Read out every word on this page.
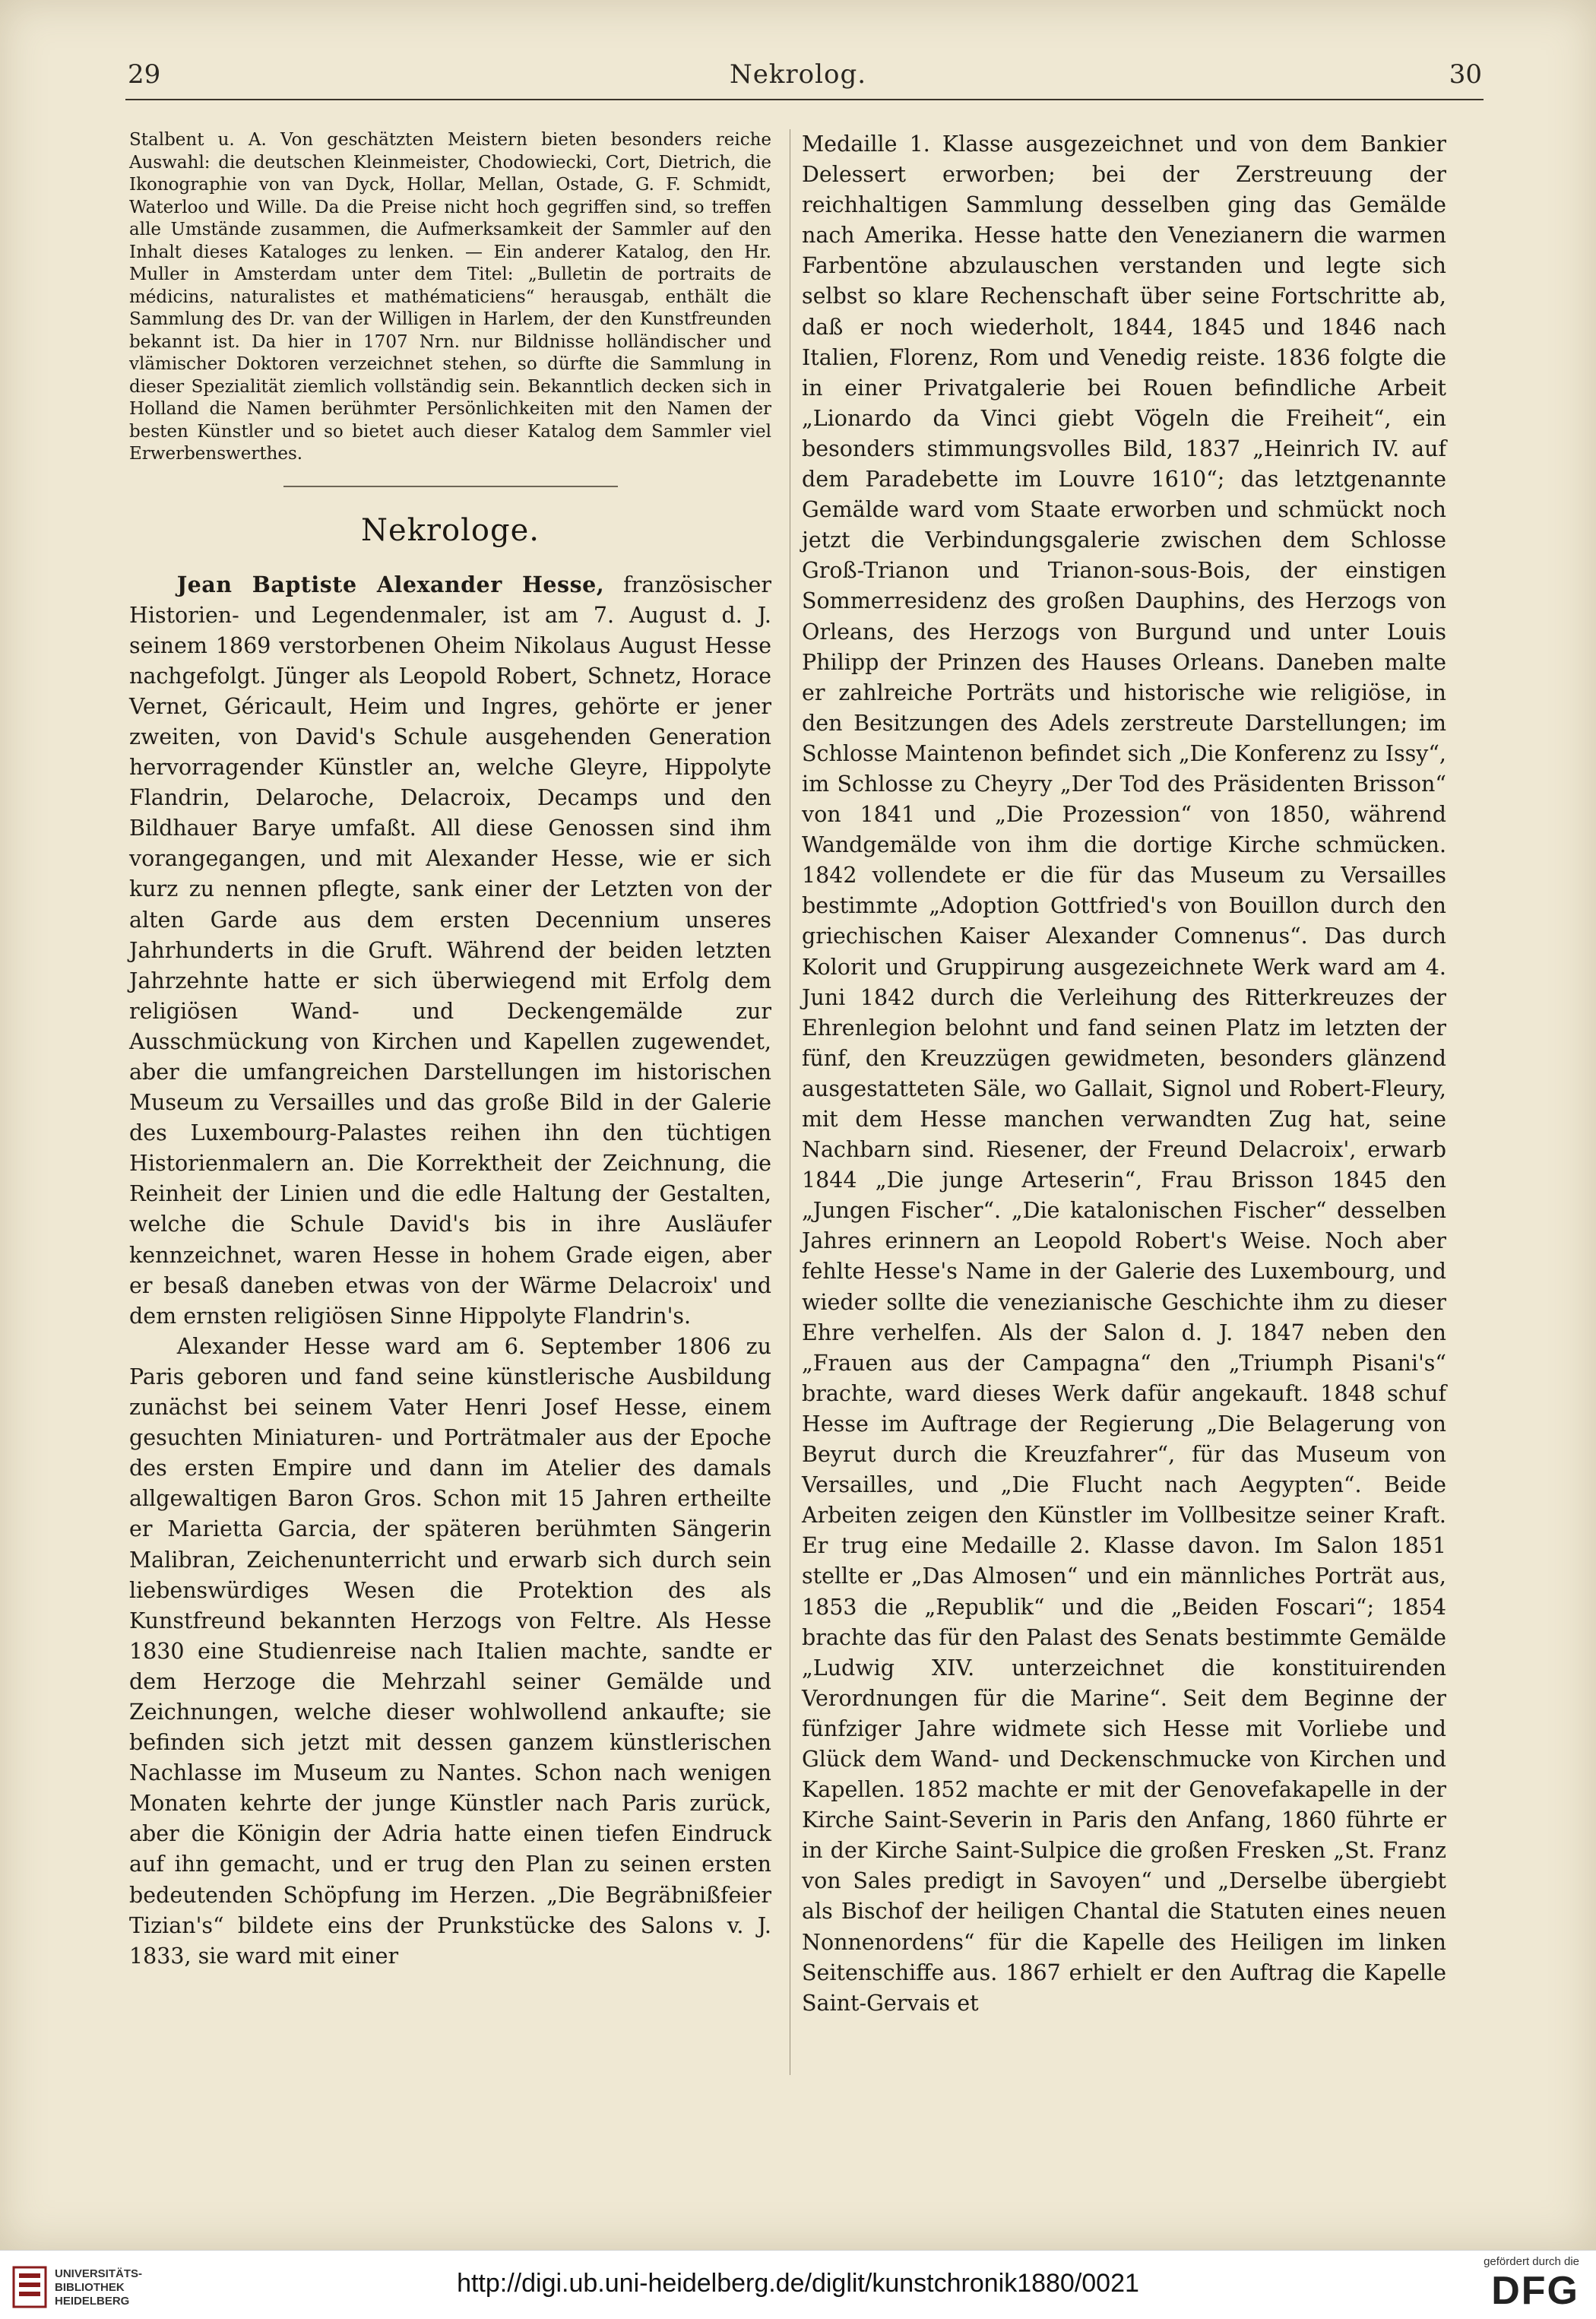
29	Nekrolog.	30

Stalbent u. A. Von geschätzten Meistern bieten besonders reiche Auswahl: die deutschen Kleinmeister, Chodowiecki, Cort, Dietrich, die Ikonographie von van Dyck, Hollar, Mellan, Ostade, G. F. Schmidt, Waterloo und Wille. Da die Preise nicht hoch gegriffen sind, so treffen alle Umstände zusammen, die Aufmerksamkeit der Sammler auf den Inhalt dieses Kataloges zu lenken. — Ein anderer Katalog, den Hr. Muller in Amsterdam unter dem Titel: „Bulletin de portraits de médicins, naturalistes et mathématiciens“ herausgab, enthält die Sammlung des Dr. van der Willigen in Harlem, der den Kunstfreunden bekannt ist. Da hier in 1707 Nrn. nur Bildnisse holländischer und vlämischer Doktoren verzeichnet stehen, so dürfte die Sammlung in dieser Spezialität ziemlich vollständig sein. Bekanntlich decken sich in Holland die Namen berühmter Persönlichkeiten mit den Namen der besten Künstler und so bietet auch dieser Katalog dem Sammler viel Erwerbenswerthes.

Nekrologe.

Jean Baptiste Alexander Hesse, französischer Historien- und Legendenmaler, ist am 7. August d. J. seinem 1869 verstorbenen Oheim Nikolaus August Hesse nachgefolgt. Jünger als Leopold Robert, Schnetz, Horace Vernet, Géricault, Heim und Ingres, gehörte er jener zweiten, von David's Schule ausgehenden Generation hervorragender Künstler an, welche Gleyre, Hippolyte Flandrin, Delaroche, Delacroix, Decamps und den Bildhauer Barye umfaßt. All diese Genossen sind ihm vorangegangen, und mit Alexander Hesse, wie er sich kurz zu nennen pflegte, sank einer der Letzten von der alten Garde aus dem ersten Decennium unseres Jahrhunderts in die Gruft. Während der beiden letzten Jahrzehnte hatte er sich überwiegend mit Erfolg dem religiösen Wand- und Deckengemälde zur Ausschmückung von Kirchen und Kapellen zugewendet, aber die umfangreichen Darstellungen im historischen Museum zu Versailles und das große Bild in der Galerie des Luxembourg-Palastes reihen ihn den tüchtigen Historienmalern an. Die Korrektheit der Zeichnung, die Reinheit der Linien und die edle Haltung der Gestalten, welche die Schule David's bis in ihre Ausläufer kennzeichnet, waren Hesse in hohem Grade eigen, aber er besaß daneben etwas von der Wärme Delacroix' und dem ernsten religiösen Sinne Hippolyte Flandrin's.

Alexander Hesse ward am 6. September 1806 zu Paris geboren und fand seine künstlerische Ausbildung zunächst bei seinem Vater Henri Josef Hesse, einem gesuchten Miniaturen- und Porträtmaler aus der Epoche des ersten Empire und dann im Atelier des damals allgewaltigen Baron Gros. Schon mit 15 Jahren ertheilte er Marietta Garcia, der späteren berühmten Sängerin Malibran, Zeichenunterricht und erwarb sich durch sein liebenswürdiges Wesen die Protektion des als Kunstfreund bekannten Herzogs von Feltre. Als Hesse 1830 eine Studienreise nach Italien machte, sandte er dem Herzoge die Mehrzahl seiner Gemälde und Zeichnungen, welche dieser wohlwollend ankaufte; sie befinden sich jetzt mit dessen ganzem künstlerischen Nachlasse im Museum zu Nantes. Schon nach wenigen Monaten kehrte der junge Künstler nach Paris zurück, aber die Königin der Adria hatte einen tiefen Eindruck auf ihn gemacht, und er trug den Plan zu seinen ersten bedeutenden Schöpfung im Herzen. „Die Begräbnißfeier Tizian's“ bildete eins der Prunkstücke des Salons v. J. 1833, sie ward mit einer

Medaille 1. Klasse ausgezeichnet und von dem Bankier Delessert erworben; bei der Zerstreuung der reichhaltigen Sammlung desselben ging das Gemälde nach Amerika. Hesse hatte den Venezianern die warmen Farbentöne abzulauschen verstanden und legte sich selbst so klare Rechenschaft über seine Fortschritte ab, daß er noch wiederholt, 1844, 1845 und 1846 nach Italien, Florenz, Rom und Venedig reiste. 1836 folgte die in einer Privatgalerie bei Rouen befindliche Arbeit „Lionardo da Vinci giebt Vögeln die Freiheit“, ein besonders stimmungsvolles Bild, 1837 „Heinrich IV. auf dem Paradebette im Louvre 1610“; das letztgenannte Gemälde ward vom Staate erworben und schmückt noch jetzt die Verbindungsgalerie zwischen dem Schlosse Groß-Trianon und Trianon-sous-Bois, der einstigen Sommerresidenz des großen Dauphins, des Herzogs von Orleans, des Herzogs von Burgund und unter Louis Philipp der Prinzen des Hauses Orleans. Daneben malte er zahlreiche Porträts und historische wie religiöse, in den Besitzungen des Adels zerstreute Darstellungen; im Schlosse Maintenon befindet sich „Die Konferenz zu Issy“, im Schlosse zu Cheyry „Der Tod des Präsidenten Brisson“ von 1841 und „Die Prozession“ von 1850, während Wandgemälde von ihm die dortige Kirche schmücken. 1842 vollendete er die für das Museum zu Versailles bestimmte „Adoption Gottfried's von Bouillon durch den griechischen Kaiser Alexander Comnenus“. Das durch Kolorit und Gruppirung ausgezeichnete Werk ward am 4. Juni 1842 durch die Verleihung des Ritterkreuzes der Ehrenlegion belohnt und fand seinen Platz im letzten der fünf, den Kreuzzügen gewidmeten, besonders glänzend ausgestatteten Säle, wo Gallait, Signol und Robert-Fleury, mit dem Hesse manchen verwandten Zug hat, seine Nachbarn sind. Riesener, der Freund Delacroix', erwarb 1844 „Die junge Arteserin“, Frau Brisson 1845 den „Jungen Fischer“. „Die katalonischen Fischer“ desselben Jahres erinnern an Leopold Robert's Weise. Noch aber fehlte Hesse's Name in der Galerie des Luxembourg, und wieder sollte die venezianische Geschichte ihm zu dieser Ehre verhelfen. Als der Salon d. J. 1847 neben den „Frauen aus der Campagna“ den „Triumph Pisani's“ brachte, ward dieses Werk dafür angekauft. 1848 schuf Hesse im Auftrage der Regierung „Die Belagerung von Beyrut durch die Kreuzfahrer“, für das Museum von Versailles, und „Die Flucht nach Aegypten“. Beide Arbeiten zeigen den Künstler im Vollbesitze seiner Kraft. Er trug eine Medaille 2. Klasse davon. Im Salon 1851 stellte er „Das Almosen“ und ein männliches Porträt aus, 1853 die „Republik“ und die „Beiden Foscari“; 1854 brachte das für den Palast des Senats bestimmte Gemälde „Ludwig XIV. unterzeichnet die konstituirenden Verordnungen für die Marine“. Seit dem Beginne der fünfziger Jahre widmete sich Hesse mit Vorliebe und Glück dem Wand- und Deckenschmucke von Kirchen und Kapellen. 1852 machte er mit der Genovefakapelle in der Kirche Saint-Severin in Paris den Anfang, 1860 führte er in der Kirche Saint-Sulpice die großen Fresken „St. Franz von Sales predigt in Savoyen“ und „Derselbe übergiebt als Bischof der heiligen Chantal die Statuten eines neuen Nonnenordens“ für die Kapelle des Heiligen im linken Seitenschiffe aus. 1867 erhielt er den Auftrag die Kapelle Saint-Gervais et

UNIVERSITÄTS-
BIBLIOTHEK
HEIDELBERG
http://digi.ub.uni-heidelberg.de/diglit/kunstchronik1880/0021
gefördert durch die
DFG
